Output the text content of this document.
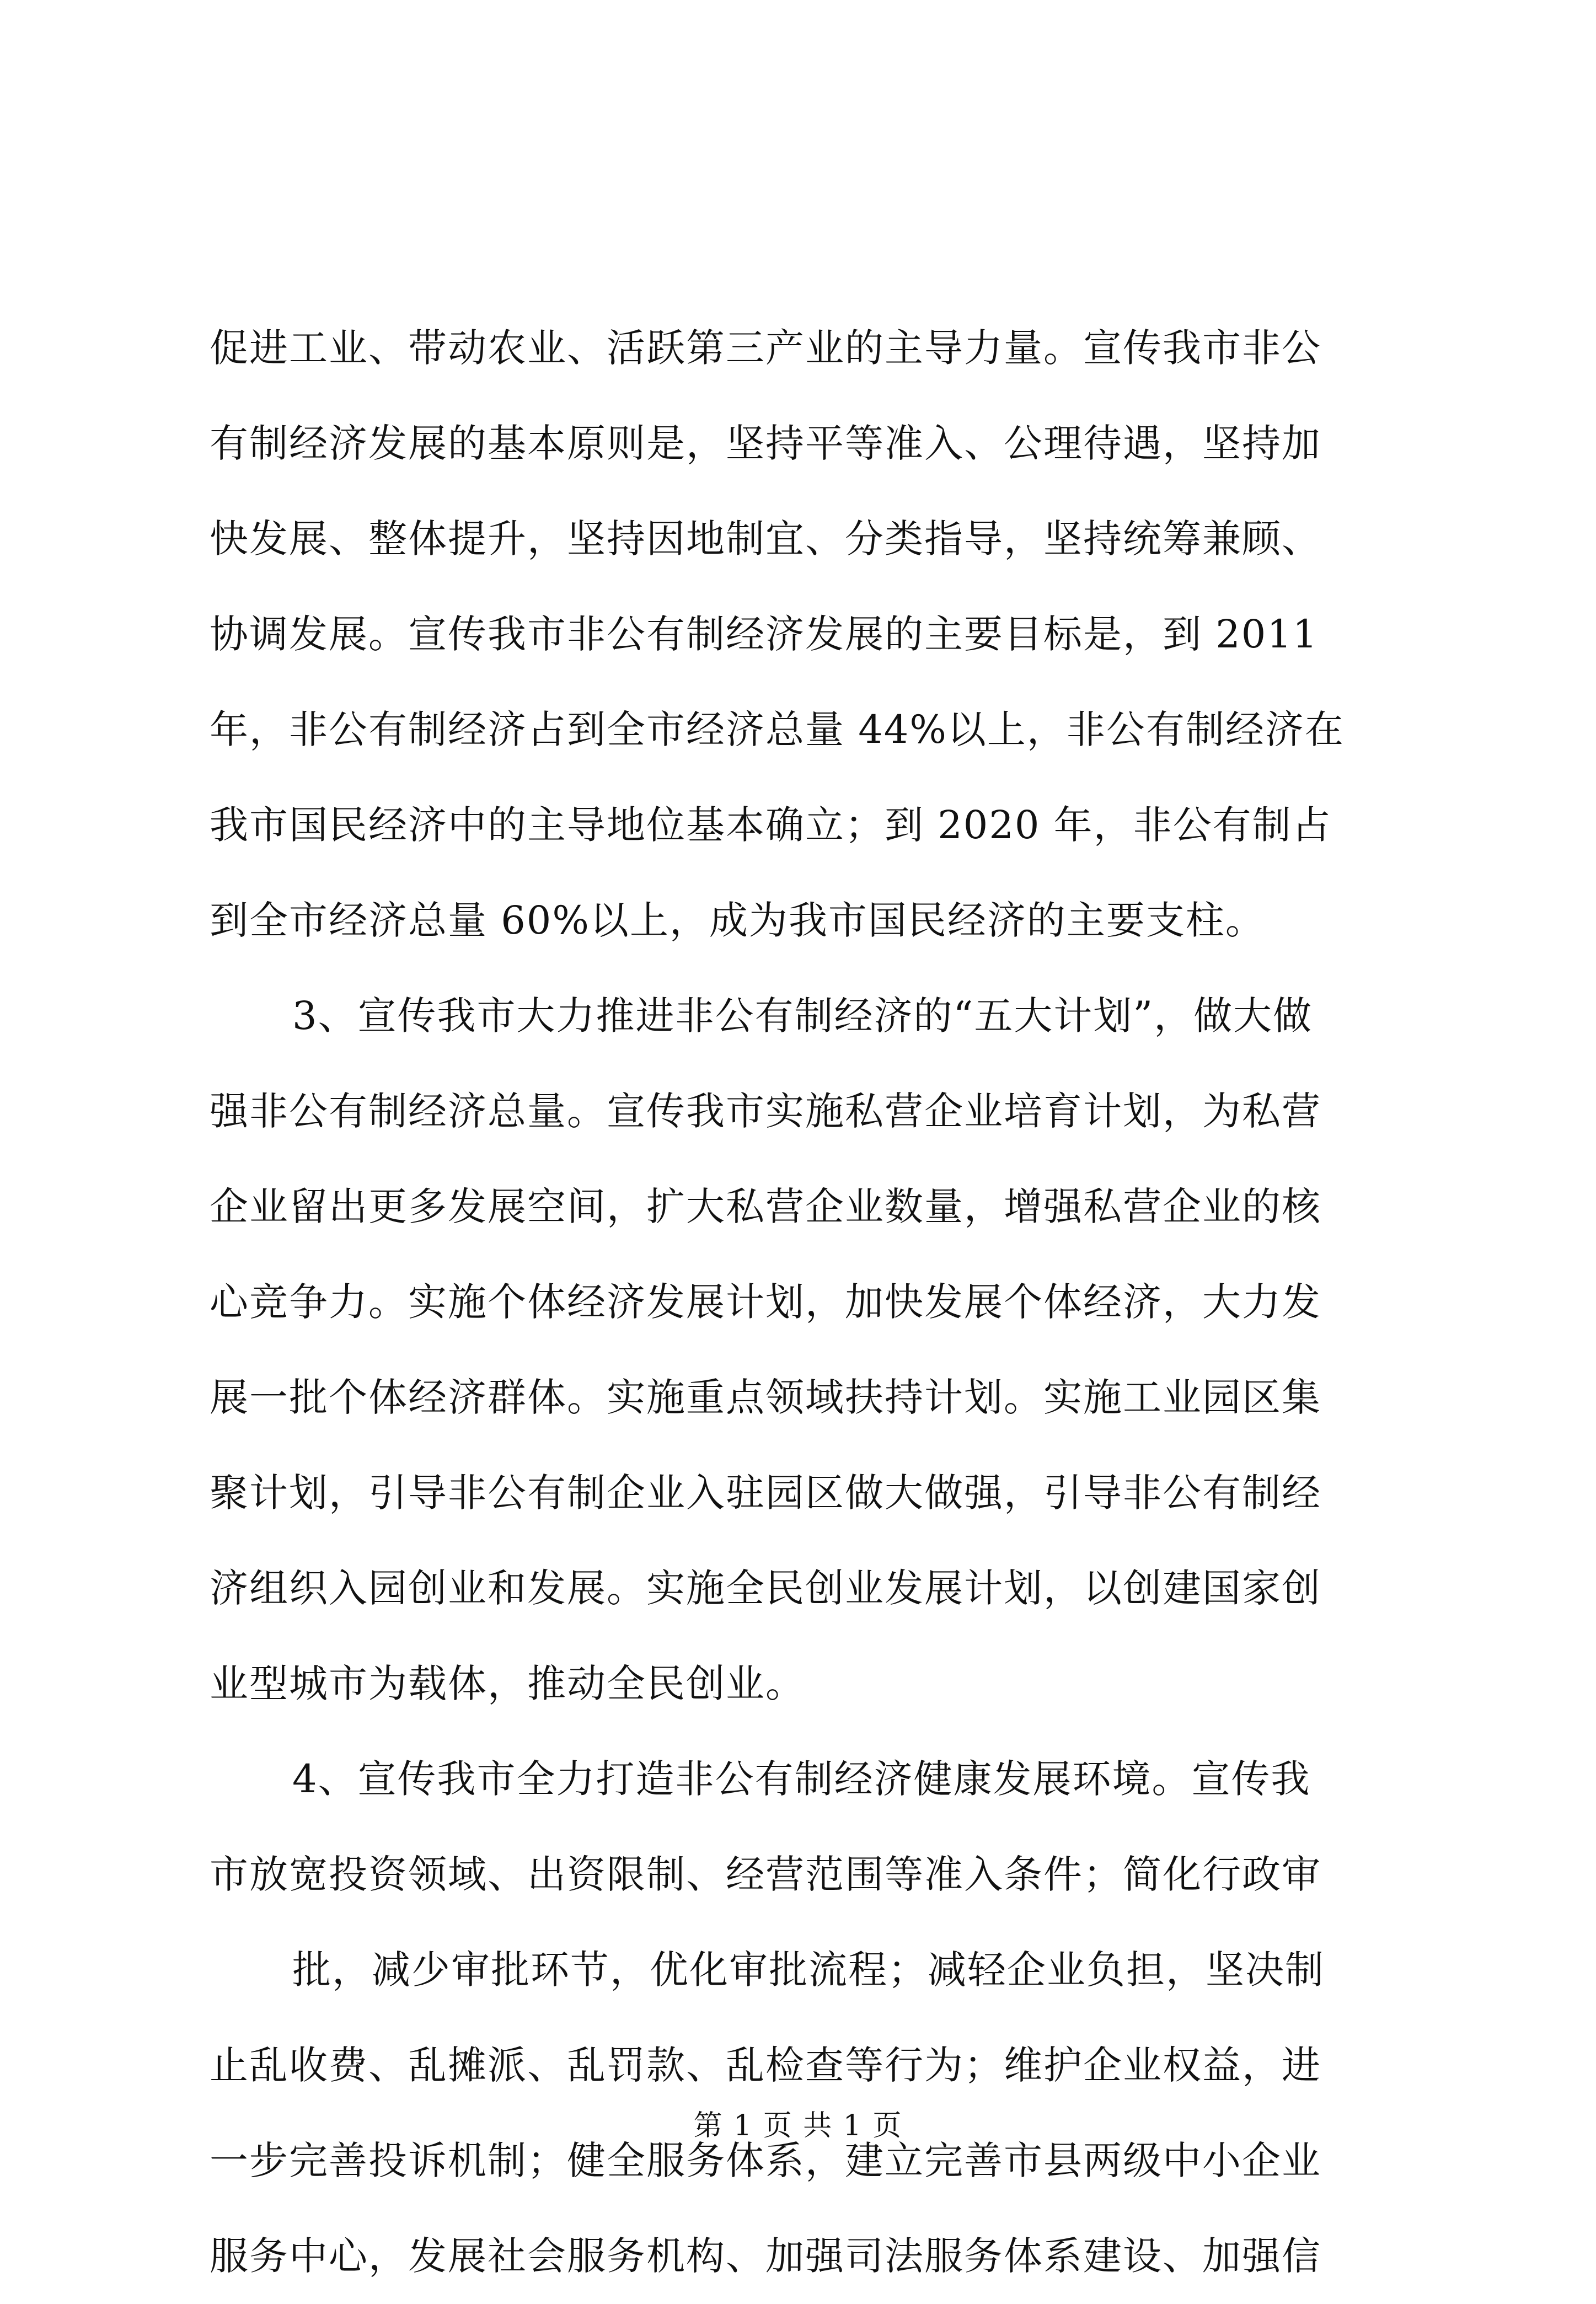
促进工业、带动农业、活跃第三产业的主导力量。宣传我市非公
有制经济发展的基本原则是，坚持平等准入、公理待遇，坚持加
快发展、整体提升，坚持因地制宜、分类指导，坚持统筹兼顾、
协调发展。宣传我市非公有制经济发展的主要目标是，到 2011
年，非公有制经济占到全市经济总量 44%以上，非公有制经济在
我市国民经济中的主导地位基本确立；到 2020 年，非公有制占
到全市经济总量 60%以上，成为我市国民经济的主要支柱。
3、宣传我市大力推进非公有制经济的“五大计划”，做大做
强非公有制经济总量。宣传我市实施私营企业培育计划，为私营
企业留出更多发展空间，扩大私营企业数量，增强私营企业的核
心竞争力。实施个体经济发展计划，加快发展个体经济，大力发
展一批个体经济群体。实施重点领域扶持计划。实施工业园区集
聚计划，引导非公有制企业入驻园区做大做强，引导非公有制经
济组织入园创业和发展。实施全民创业发展计划，以创建国家创
业型城市为载体，推动全民创业。
4、宣传我市全力打造非公有制经济健康发展环境。宣传我
市放宽投资领域、出资限制、经营范围等准入条件；简化行政审
批，减少审批环节，优化审批流程；减轻企业负担，坚决制
止乱收费、乱摊派、乱罚款、乱检查等行为；维护企业权益，进
一步完善投诉机制；健全服务体系，建立完善市县两级中小企业
服务中心，发展社会服务机构、加强司法服务体系建设、加强信
第 1 页 共 1 页
